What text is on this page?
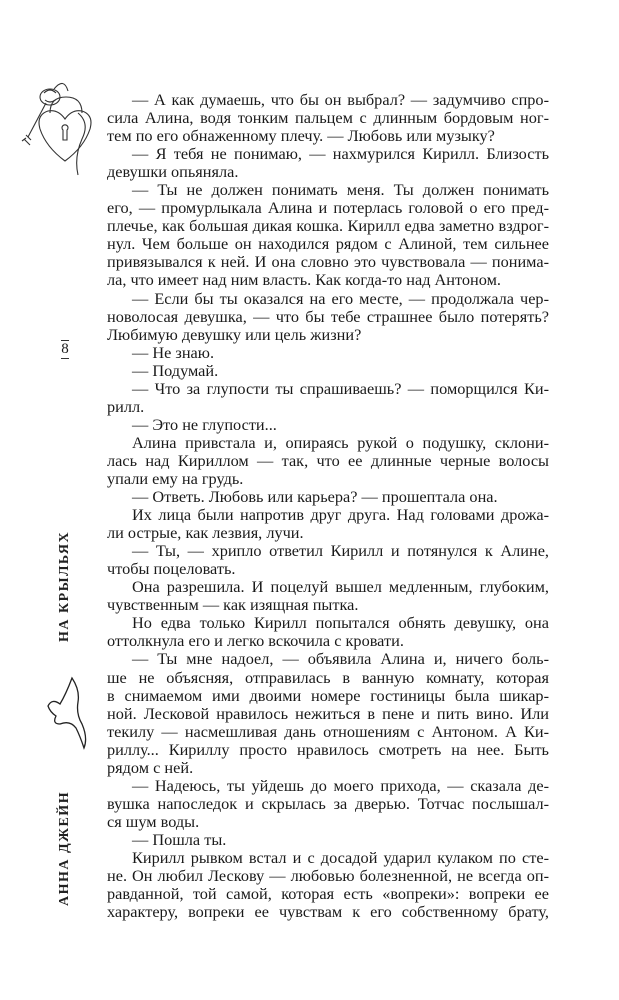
8
НА КРЫЛЬЯХ
АННА ДЖЕЙН
— А как думаешь, что бы он выбрал? — задумчиво спро-
сила Алина, водя тонким пальцем с длинным бордовым ног-
тем по его обнаженному плечу. — Любовь или музыку?
— Я тебя не понимаю, — нахмурился Кирилл. Близость
девушки опьяняла.
— Ты не должен понимать меня. Ты должен понимать
его, — промурлыкала Алина и потерлась головой о его пред-
плечье, как большая дикая кошка. Кирилл едва заметно вздрог-
нул. Чем больше он находился рядом с Алиной, тем сильнее
привязывался к ней. И она словно это чувствовала — понима-
ла, что имеет над ним власть. Как когда-то над Антоном.
— Если бы ты оказался на его месте, — продолжала чер-
новолосая девушка, — что бы тебе страшнее было потерять?
Любимую девушку или цель жизни?
— Не знаю.
— Подумай.
— Что за глупости ты спрашиваешь? — поморщился Ки-
рилл.
— Это не глупости...
Алина привстала и, опираясь рукой о подушку, склони-
лась над Кириллом — так, что ее длинные черные волосы
упали ему на грудь.
— Ответь. Любовь или карьера? — прошептала она.
Их лица были напротив друг друга. Над головами дрожа-
ли острые, как лезвия, лучи.
— Ты, — хрипло ответил Кирилл и потянулся к Алине,
чтобы поцеловать.
Она разрешила. И поцелуй вышел медленным, глубоким,
чувственным — как изящная пытка.
Но едва только Кирилл попытался обнять девушку, она
оттолкнула его и легко вскочила с кровати.
— Ты мне надоел, — объявила Алина и, ничего боль-
ше не объясняя, отправилась в ванную комнату, которая
в снимаемом ими двоими номере гостиницы была шикар-
ной. Лесковой нравилось нежиться в пене и пить вино. Или
текилу — насмешливая дань отношениям с Антоном. А Ки-
риллу... Кириллу просто нравилось смотреть на нее. Быть
рядом с ней.
— Надеюсь, ты уйдешь до моего прихода, — сказала де-
вушка напоследок и скрылась за дверью. Тотчас послышал-
ся шум воды.
— Пошла ты.
Кирилл рывком встал и с досадой ударил кулаком по сте-
не. Он любил Лескову — любовью болезненной, не всегда оп-
равданной, той самой, которая есть «вопреки»: вопреки ее
характеру, вопреки ее чувствам к его собственному брату,
